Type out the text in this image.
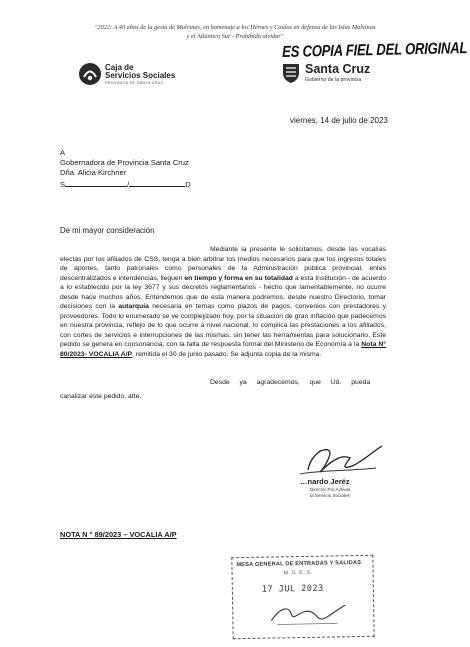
"2022: A 40 años de la gesta de Malvinas, en homenaje a los Héroes y Caídos en defensa de las Islas Malvinas
y el Atlántico Sur - Prohibido olvidar"
Caja de
Servicios Sociales
PROVINCIA DE SANTA CRUZ
ES COPIA FIEL DEL ORIGINAL
Santa Cruz
Gobierno de la provincia
viernes, 14 de julio de 2023
A
Gobernadora de Provincia Santa Cruz
Dña. Alicia Kirchner
S	/	D
De mi mayor consideración

Mediante la presente le solicitamos, desde las vocalías electas por los afiliados de CSS, tenga a bien arbitrar los medios necesarios para que los ingresos totales de aportes, tanto patronales como personales de la Administración pública provincial, entes descentralizados e intendencias, lleguen en tiempo y forma en su totalidad a esta Institución - de acuerdo a lo establecido por la ley 3677 y sus decretos reglamentarios - hecho que lamentablemente, no ocurre desde hace muchos años. Entendemos que de esta manera podremos, desde nuestro Directorio, tomar decisiones con la autarquía necesaria en temas como plazos de pagos, convenios con prestadores y proveedores. Todo lo enumerado se ve complejizado hoy, por la situación de gran inflación que padecemos en nuestra provincia, reflejo de lo que ocurre a nivel nacional, lo complica las prestaciones a los afiliados, con cortes de servicios e interrupciones de las mismas, sin tener las herramientas para solucionarlo. Este pedido se genera en consonancia, con la falta de respuesta formal del Ministerio de Economía a la Nota N° 80/2023- VOCALIA A/P, remitida el 30 de junio pasado. Se adjunta copia de la misma.

Desde ya agradecemos, que Ud. pueda

canalizar este pedido, atte.

…nardo Jeréz
Director Por Activos
la Servicio Sociales
NOTA N ° 89/2023 – VOCALIA A/P
MESA GENERAL DE ENTRADAS Y SALIDAS
M.G.E.S.
17 JUL 2023
